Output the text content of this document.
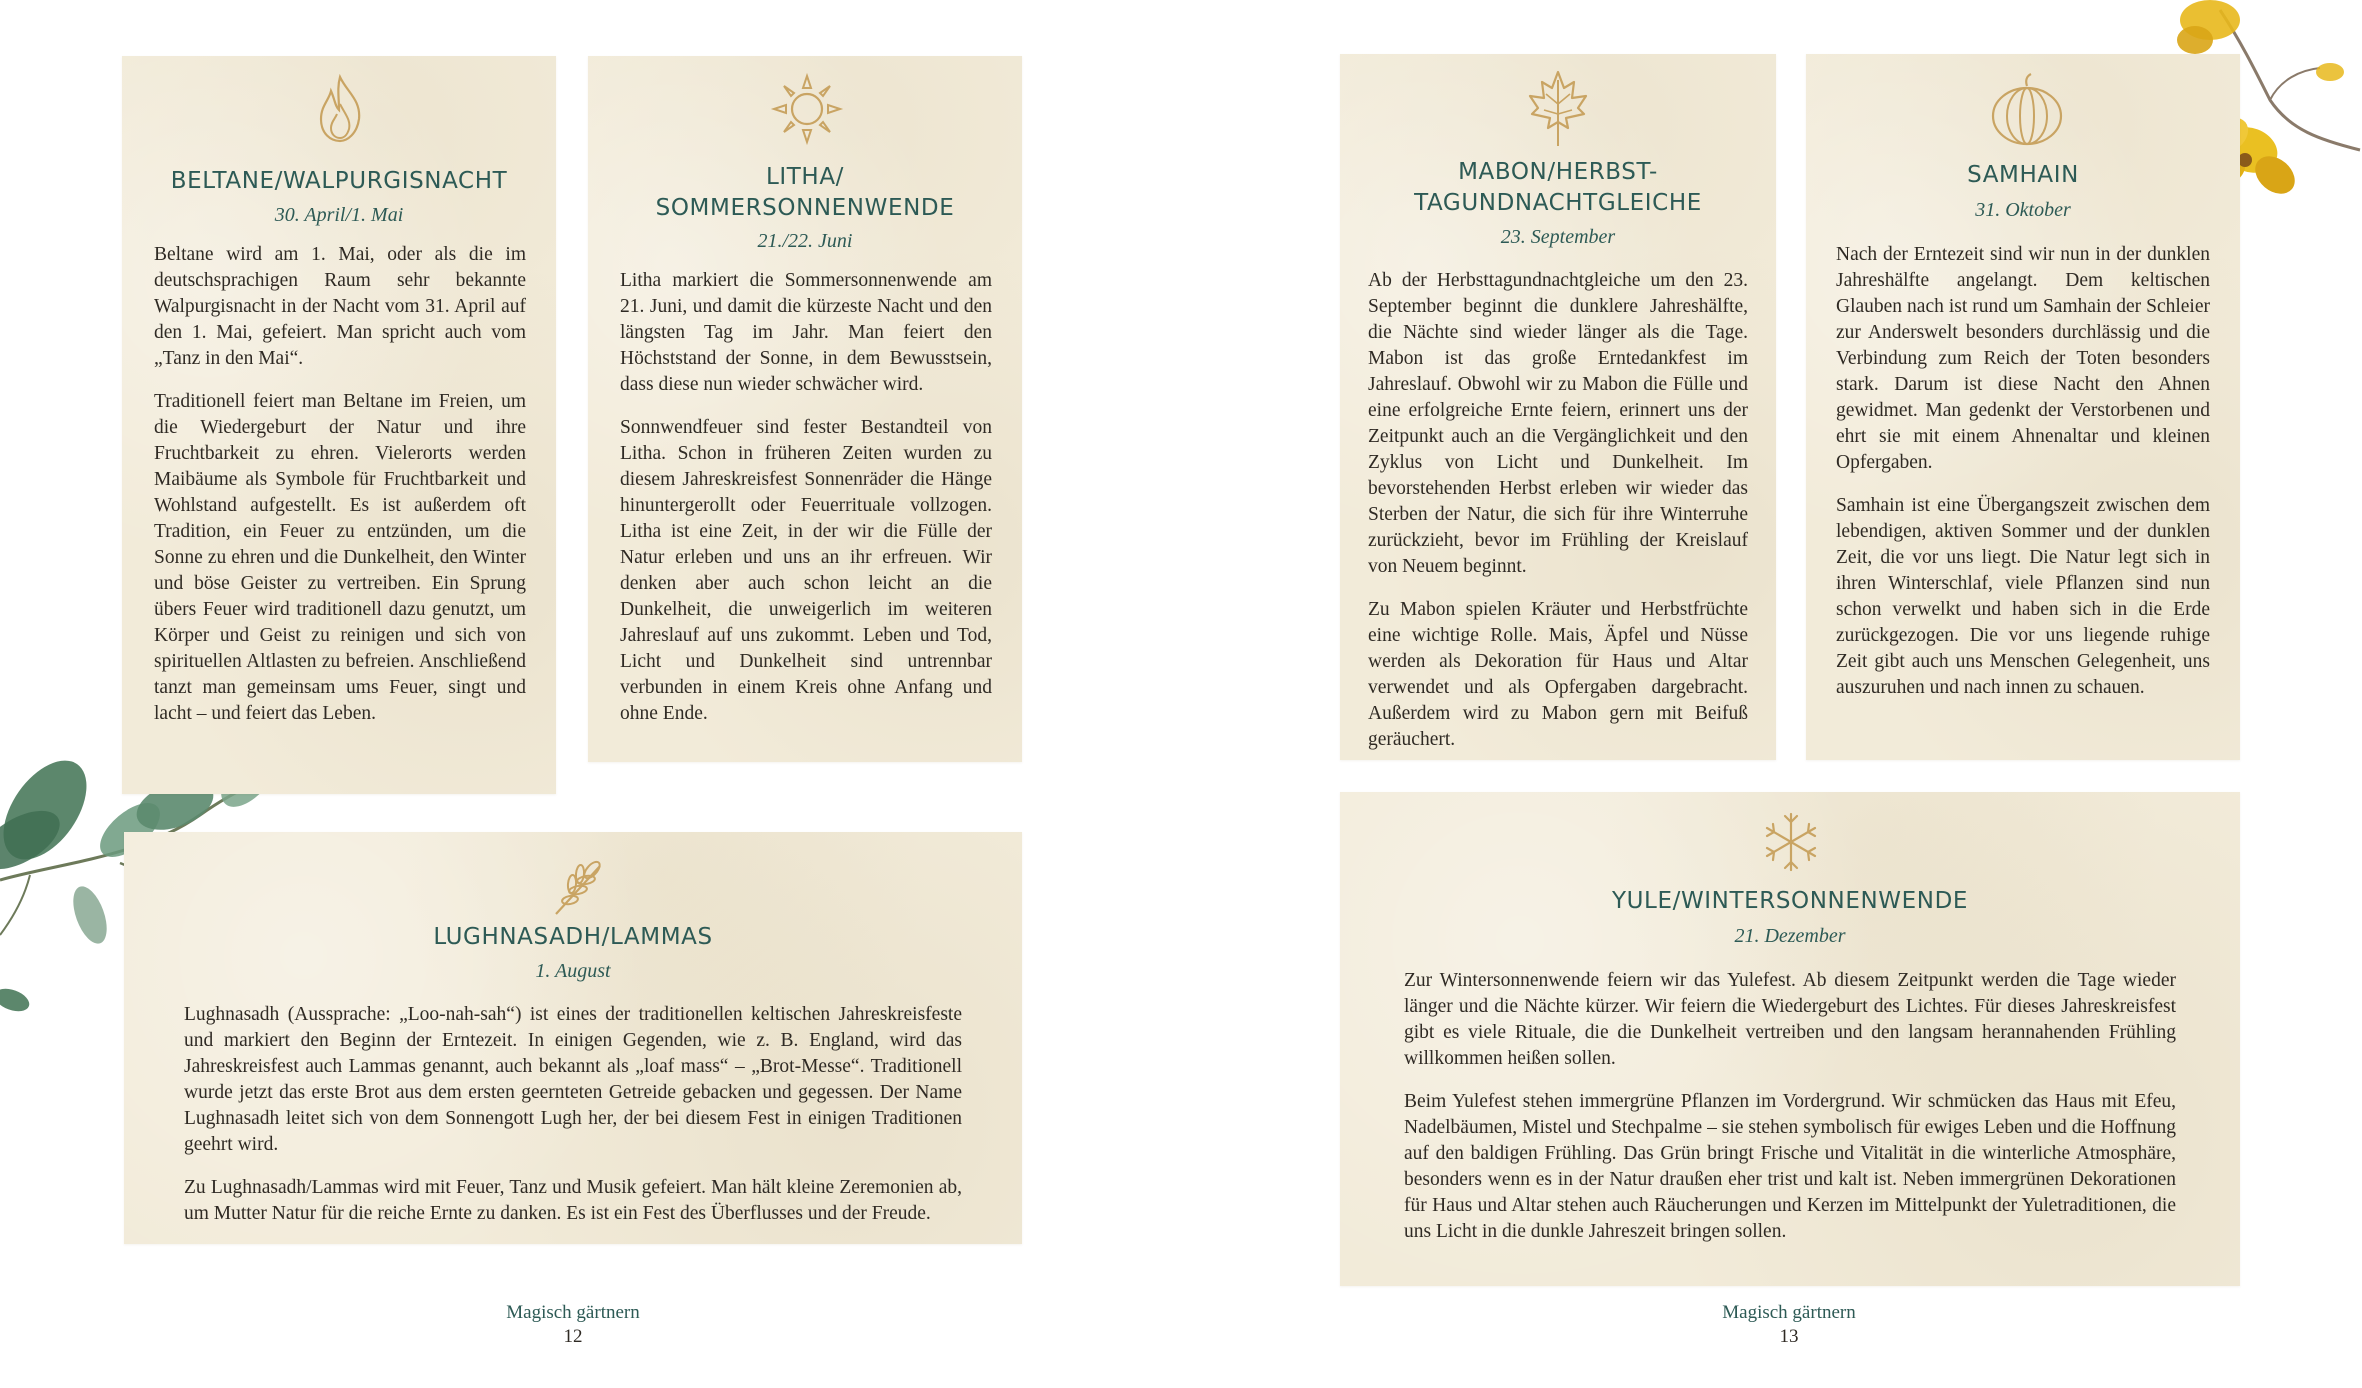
BELTANE/WALPURGISNACHT

30. April/1. Mai

Beltane wird am 1. Mai, oder als die im deutschsprachigen Raum sehr bekannte Walpurgisnacht in der Nacht vom 31. April auf den 1. Mai, gefeiert. Man spricht auch vom „Tanz in den Mai“.

Traditionell feiert man Beltane im Freien, um die Wiedergeburt der Natur und ihre Fruchtbarkeit zu ehren. Vielerorts werden Maibäume als Symbole für Fruchtbarkeit und Wohlstand aufgestellt. Es ist außerdem oft Tradition, ein Feuer zu entzünden, um die Sonne zu ehren und die Dunkelheit, den Winter und böse Geister zu vertreiben. Ein Sprung übers Feuer wird traditionell dazu genutzt, um Körper und Geist zu reinigen und sich von spirituellen Altlasten zu befreien. Anschließend tanzt man gemeinsam ums Feuer, singt und lacht – und feiert das Leben.

LITHA/
SOMMERSONNENWENDE

21./22. Juni

Litha markiert die Sommersonnenwende am 21. Juni, und damit die kürzeste Nacht und den längsten Tag im Jahr. Man feiert den Höchststand der Sonne, in dem Bewusstsein, dass diese nun wieder schwächer wird.

Sonnwendfeuer sind fester Bestandteil von Litha. Schon in früheren Zeiten wurden zu diesem Jahreskreisfest Sonnenräder die Hänge hinuntergerollt oder Feuerrituale vollzogen. Litha ist eine Zeit, in der wir die Fülle der Natur erleben und uns an ihr erfreuen. Wir denken aber auch schon leicht an die Dunkelheit, die unweigerlich im weiteren Jahreslauf auf uns zukommt. Leben und Tod, Licht und Dunkelheit sind untrennbar verbunden in einem Kreis ohne Anfang und ohne Ende.

LUGHNASADH/LAMMAS

1. August

Lughnasadh (Aussprache: „Loo-nah-sah“) ist eines der traditionellen keltischen Jahreskreisfeste und markiert den Beginn der Erntezeit. In einigen Gegenden, wie z. B. England, wird das Jahreskreisfest auch Lammas genannt, auch bekannt als „loaf mass“ – „Brot-Messe“. Traditionell wurde jetzt das erste Brot aus dem ersten geernteten Getreide gebacken und gegessen. Der Name Lughnasadh leitet sich von dem Sonnengott Lugh her, der bei diesem Fest in einigen Traditionen geehrt wird.

Zu Lughnasadh/Lammas wird mit Feuer, Tanz und Musik gefeiert. Man hält kleine Zeremonien ab, um Mutter Natur für die reiche Ernte zu danken. Es ist ein Fest des Überflusses und der Freude.

Magisch gärtnern
12
MABON/HERBST-
TAGUNDNACHTGLEICHE

23. September

Ab der Herbsttagundnachtgleiche um den 23. September beginnt die dunklere Jahreshälfte, die Nächte sind wieder länger als die Tage. Mabon ist das große Erntedankfest im Jahreslauf. Obwohl wir zu Mabon die Fülle und eine erfolgreiche Ernte feiern, erinnert uns der Zeitpunkt auch an die Vergänglichkeit und den Zyklus von Licht und Dunkelheit. Im bevorstehenden Herbst erleben wir wieder das Sterben der Natur, die sich für ihre Winterruhe zurückzieht, bevor im Frühling der Kreislauf von Neuem beginnt.

Zu Mabon spielen Kräuter und Herbstfrüchte eine wichtige Rolle. Mais, Äpfel und Nüsse werden als Dekoration für Haus und Altar verwendet und als Opfergaben dargebracht. Außerdem wird zu Mabon gern mit Beifuß geräuchert.

SAMHAIN

31. Oktober

Nach der Erntezeit sind wir nun in der dunklen Jahreshälfte angelangt. Dem keltischen Glauben nach ist rund um Samhain der Schleier zur Anderswelt besonders durchlässig und die Verbindung zum Reich der Toten besonders stark. Darum ist diese Nacht den Ahnen gewidmet. Man gedenkt der Verstorbenen und ehrt sie mit einem Ahnenaltar und kleinen Opfergaben.

Samhain ist eine Übergangszeit zwischen dem lebendigen, aktiven Sommer und der dunklen Zeit, die vor uns liegt. Die Natur legt sich in ihren Winterschlaf, viele Pflanzen sind nun schon verwelkt und haben sich in die Erde zurückgezogen. Die vor uns liegende ruhige Zeit gibt auch uns Menschen Gelegenheit, uns auszuruhen und nach innen zu schauen.

YULE/WINTERSONNENWENDE

21. Dezember

Zur Wintersonnenwende feiern wir das Yulefest. Ab diesem Zeitpunkt werden die Tage wieder länger und die Nächte kürzer. Wir feiern die Wiedergeburt des Lichtes. Für dieses Jahreskreisfest gibt es viele Rituale, die die Dunkelheit vertreiben und den langsam herannahenden Frühling willkommen heißen sollen.

Beim Yulefest stehen immergrüne Pflanzen im Vordergrund. Wir schmücken das Haus mit Efeu, Nadelbäumen, Mistel und Stechpalme – sie stehen symbolisch für ewiges Leben und die Hoffnung auf den baldigen Frühling. Das Grün bringt Frische und Vitalität in die winterliche Atmosphäre, besonders wenn es in der Natur draußen eher trist und kalt ist. Neben immergrünen Dekorationen für Haus und Altar stehen auch Räucherungen und Kerzen im Mittelpunkt der Yuletraditionen, die uns Licht in die dunkle Jahreszeit bringen sollen.

Magisch gärtnern
13
